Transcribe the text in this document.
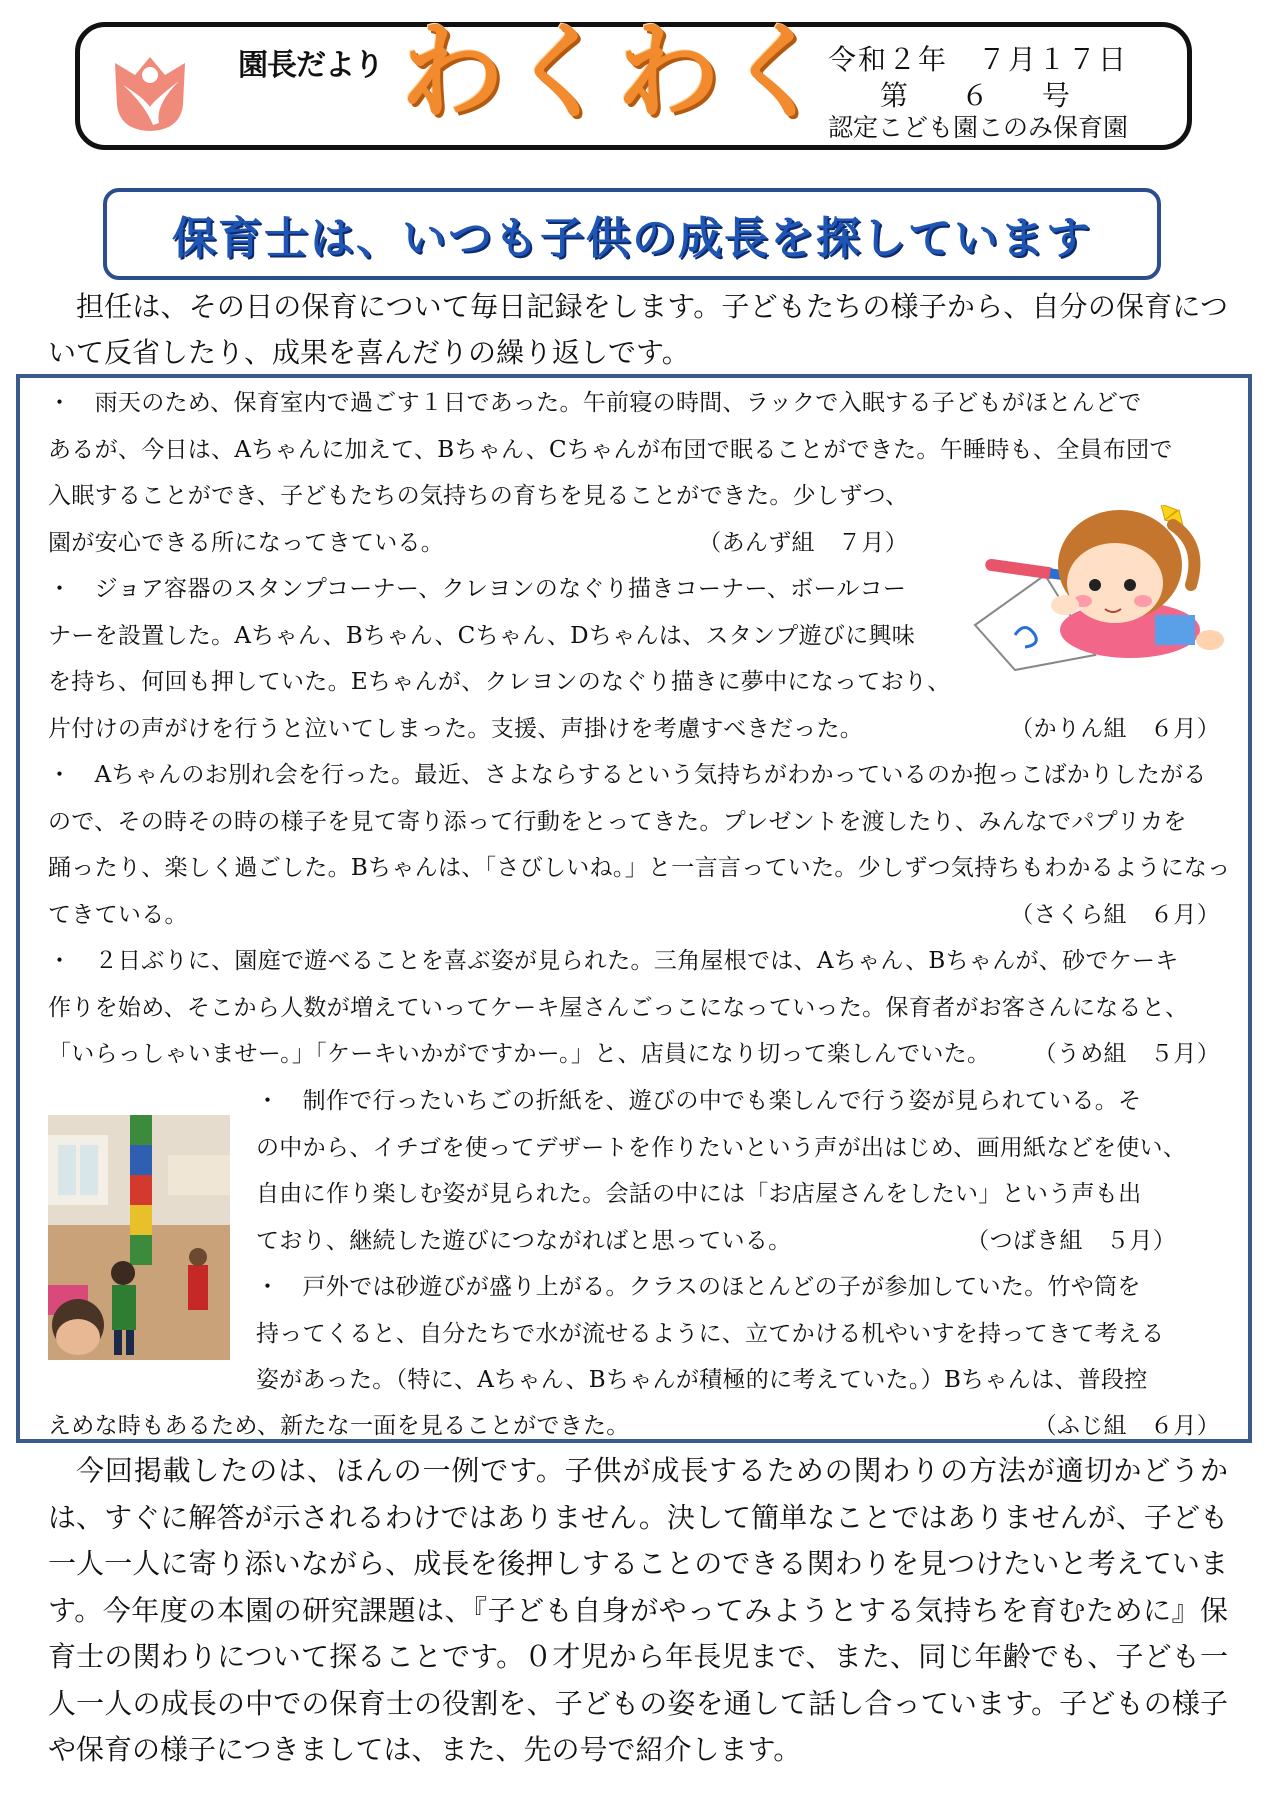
園長だより わくわく
令和２年　７月１７日
第 ６ 号
認定こども園このみ保育園
保育士は、いつも子供の成長を探しています

担任は、その日の保育について毎日記録をします。子どもたちの様子から、自分の保育について反省したり、成果を喜んだりの繰り返しです。

・　雨天のため、保育室内で過ごす１日であった。午前寝の時間、ラックで入眠する子どもがほとんどで
あるが、今日は、Aちゃんに加えて、Bちゃん、Cちゃんが布団で眠ることができた。午睡時も、全員布団で
入眠することができ、子どもたちの気持ちの育ちを見ることができた。少しずつ、
園が安心できる所になってきている。	（あんず組　７月）
・　ジョア容器のスタンプコーナー、クレヨンのなぐり描きコーナー、ボールコー
ナーを設置した。Aちゃん、Bちゃん、Cちゃん、Dちゃんは、スタンプ遊びに興味
を持ち、何回も押していた。Eちゃんが、クレヨンのなぐり描きに夢中になっており、
片付けの声がけを行うと泣いてしまった。支援、声掛けを考慮すべきだった。	（かりん組　６月）
・　Aちゃんのお別れ会を行った。最近、さよならするという気持ちがわかっているのか抱っこばかりしたがる
ので、その時その時の様子を見て寄り添って行動をとってきた。プレゼントを渡したり、みんなでパプリカを
踊ったり、楽しく過ごした。Bちゃんは、「さびしいね。」と一言言っていた。少しずつ気持ちもわかるようになっ
てきている。	（さくら組　６月）
・　２日ぶりに、園庭で遊べることを喜ぶ姿が見られた。三角屋根では、Aちゃん、Bちゃんが、砂でケーキ
作りを始め、そこから人数が増えていってケーキ屋さんごっこになっていった。保育者がお客さんになると、
「いらっしゃいませー。」「ケーキいかがですかー。」と、店員になり切って楽しんでいた。 （うめ組　５月）
・　制作で行ったいちごの折紙を、遊びの中でも楽しんで行う姿が見られている。そ
の中から、イチゴを使ってデザートを作りたいという声が出はじめ、画用紙などを使い、
自由に作り楽しむ姿が見られた。会話の中には「お店屋さんをしたい」という声も出
ており、継続した遊びにつながればと思っている。	（つばき組　５月）
・　戸外では砂遊びが盛り上がる。クラスのほとんどの子が参加していた。竹や筒を
持ってくると、自分たちで水が流せるように、立てかける机やいすを持ってきて考える
姿があった。（特に、Aちゃん、Bちゃんが積極的に考えていた。）Bちゃんは、普段控
えめな時もあるため、新たな一面を見ることができた。	（ふじ組　６月）

今回掲載したのは、ほんの一例です。子供が成長するための関わりの方法が適切かどうかは、すぐに解答が示されるわけではありません。決して簡単なことではありませんが、子ども一人一人に寄り添いながら、成長を後押しすることのできる関わりを見つけたいと考えています。今年度の本園の研究課題は、『子ども自身がやってみようとする気持ちを育むために』保育士の関わりについて探ることです。０才児から年長児まで、また、同じ年齢でも、子ども一人一人の成長の中での保育士の役割を、子どもの姿を通して話し合っています。子どもの様子や保育の様子につきましては、また、先の号で紹介します。
